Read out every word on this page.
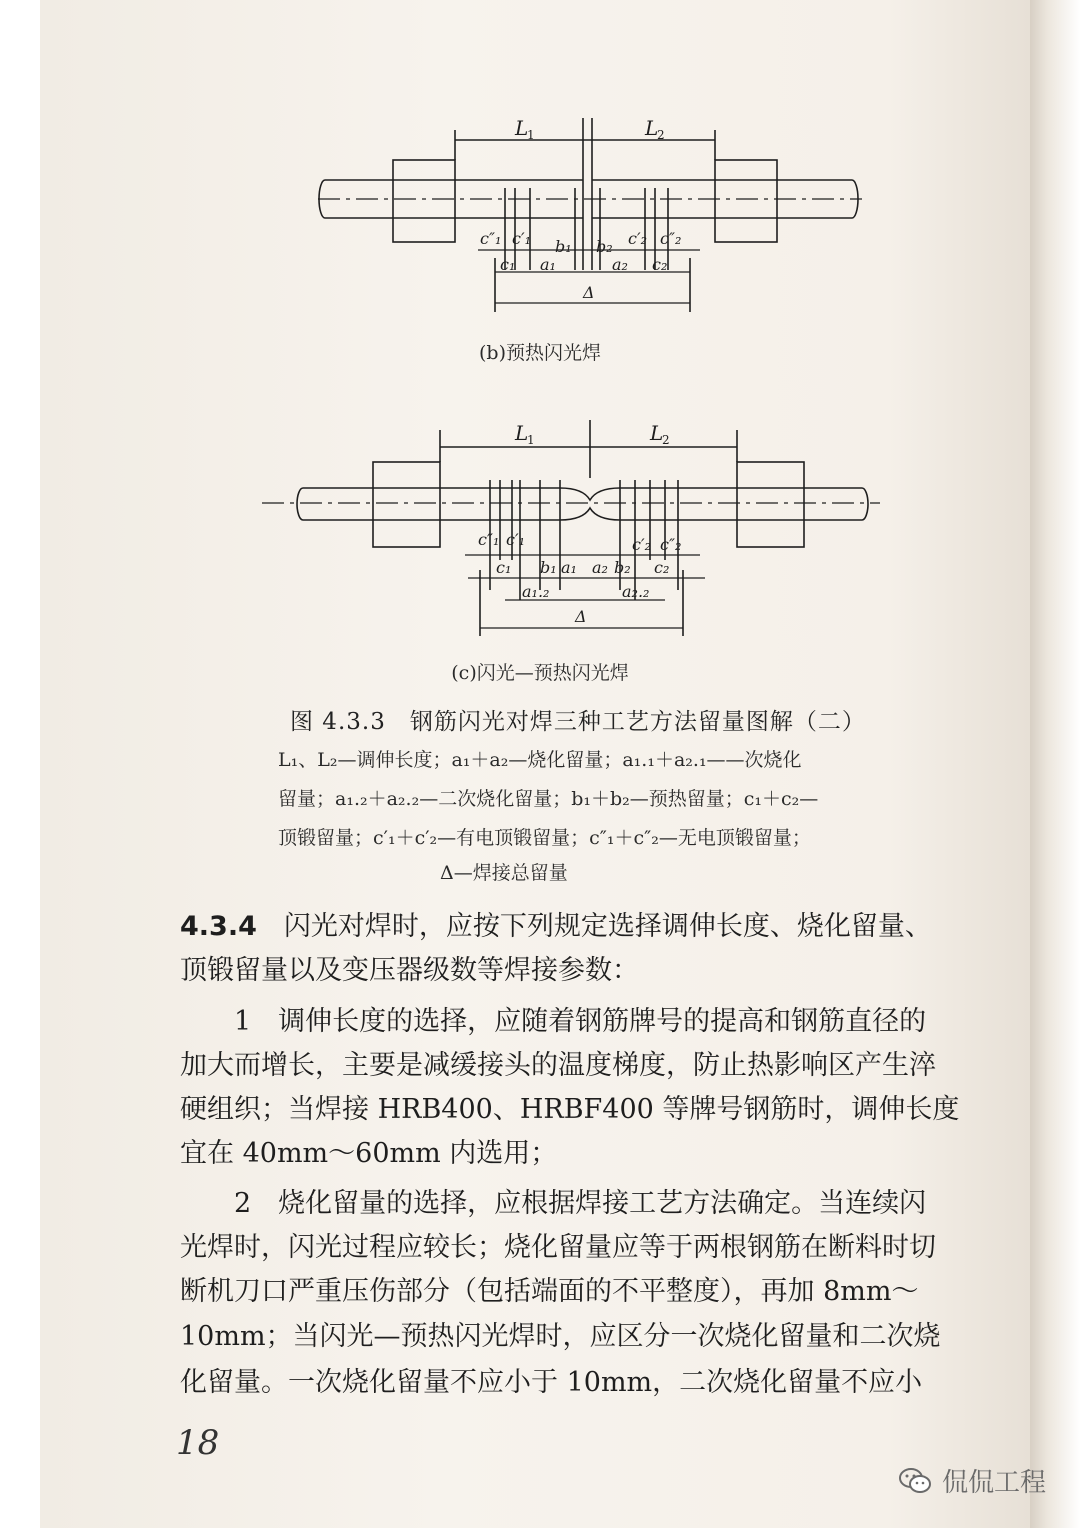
L
1	L
2
c″₁ c′₁ b₁ b₂ c′₂ c″₂
c₁ a₁	a₂ c₂
Δ
L
1	L
2
c″₁ c′₁	c′₂ c″₂
c₁ b₁ a₁ a₂ b₂ c₂
a₁.₂	a₂.₂
Δ
(b)预热闪光焊
(c)闪光—预热闪光焊
图 4.3.3　钢筋闪光对焊三种工艺方法留量图解（二）
L₁、L₂—调伸长度；a₁＋a₂—烧化留量；a₁.₁＋a₂.₁——次烧化
留量；a₁.₂＋a₂.₂—二次烧化留量；b₁＋b₂—预热留量；c₁＋c₂—
顶锻留量；c′₁＋c′₂—有电顶锻留量；c″₁＋c″₂—无电顶锻留量；
Δ—焊接总留量
4.3.4　闪光对焊时，应按下列规定选择调伸长度、烧化留量、
顶锻留量以及变压器级数等焊接参数：
　　1　调伸长度的选择，应随着钢筋牌号的提高和钢筋直径的
加大而增长，主要是减缓接头的温度梯度，防止热影响区产生淬
硬组织；当焊接 HRB400、HRBF400 等牌号钢筋时，调伸长度
宜在 40mm～60mm 内选用；
　　2　烧化留量的选择，应根据焊接工艺方法确定。当连续闪
光焊时，闪光过程应较长；烧化留量应等于两根钢筋在断料时切
断机刀口严重压伤部分（包括端面的不平整度），再加 8mm～
10mm；当闪光—预热闪光焊时，应区分一次烧化留量和二次烧
化留量。一次烧化留量不应小于 10mm，二次烧化留量不应小
18
侃侃工程
